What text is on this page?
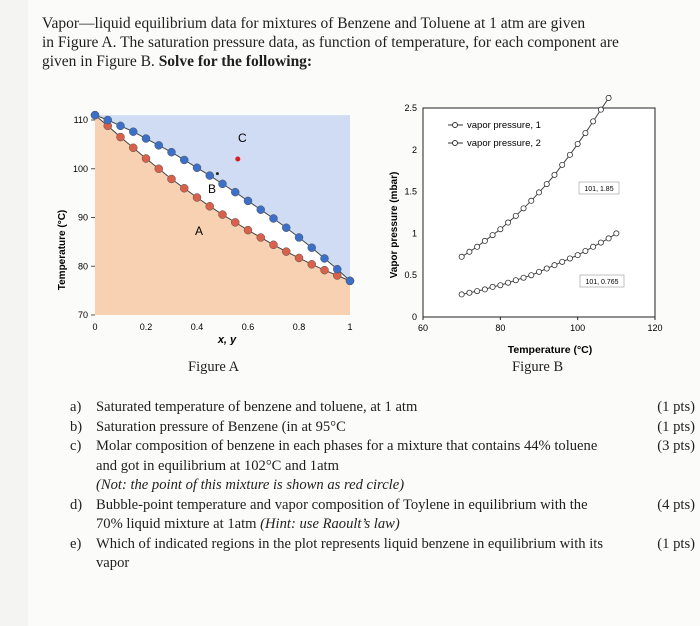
Vapor—liquid equilibrium data for mixtures of Benzene and Toluene at 1 atm are given
in Figure A. The saturation pressure data, as function of temperature, for each component are
given in Figure B. Solve for the following:
110
100
90
80
70
0	0.2	0.4	0.6	0.8	1
Temperature (°C)
x, y
A
B
C
Figure A
2.5
2
1.5
1
0.5
0
60	80	100	120
Vapor pressure (mbar)
Temperature (°C)
vapor pressure, 1
vapor pressure, 2
101, 1.85
101, 0.765
Figure B
a) Saturated temperature of benzene and toluene, at 1 atm	(1 pts)
b) Saturation pressure of Benzene (in at 95°C	(1 pts)
c) Molar composition of benzene in each phases for a mixture that contains 44% toluene and got in equilibrium at 102°C and 1atm
(Not: the point of this mixture is shown as red circle)
(3 pts)
d) Bubble-point temperature and vapor composition of Toylene in equilibrium with the 70% liquid mixture at 1atm (Hint: use Raoult’s law)
(4 pts)
e) Which of indicated regions in the plot represents liquid benzene in equilibrium with its vapor
(1 pts)
